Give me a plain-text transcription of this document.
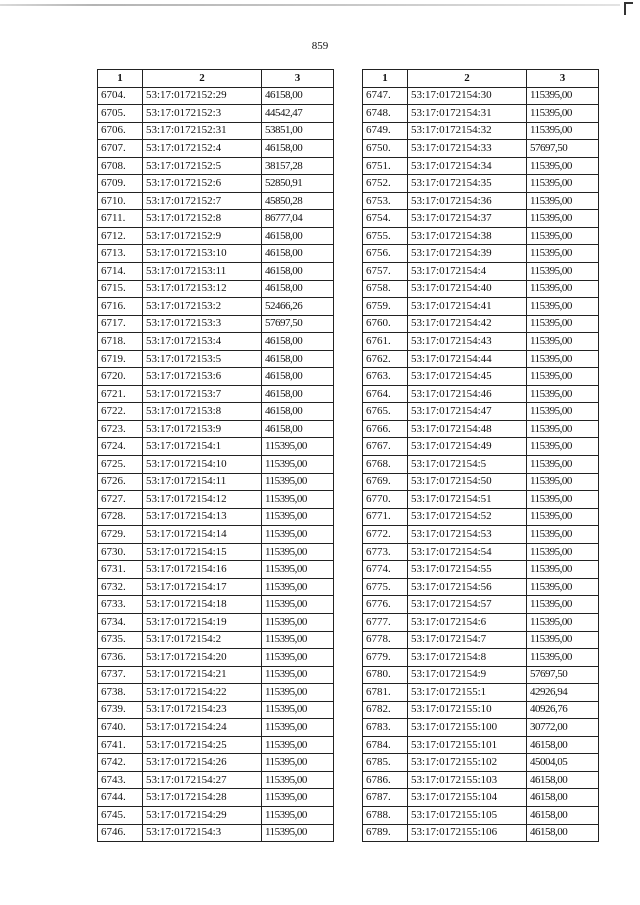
859
1	2	3
6704.	53:17:0172152:29	46158,00
6705.	53:17:0172152:3	44542,47
6706.	53:17:0172152:31	53851,00
6707.	53:17:0172152:4	46158,00
6708.	53:17:0172152:5	38157,28
6709.	53:17:0172152:6	52850,91
6710.	53:17:0172152:7	45850,28
6711.	53:17:0172152:8	86777,04
6712.	53:17:0172152:9	46158,00
6713.	53:17:0172153:10	46158,00
6714.	53:17:0172153:11	46158,00
6715.	53:17:0172153:12	46158,00
6716.	53:17:0172153:2	52466,26
6717.	53:17:0172153:3	57697,50
6718.	53:17:0172153:4	46158,00
6719.	53:17:0172153:5	46158,00
6720.	53:17:0172153:6	46158,00
6721.	53:17:0172153:7	46158,00
6722.	53:17:0172153:8	46158,00
6723.	53:17:0172153:9	46158,00
6724.	53:17:0172154:1	115395,00
6725.	53:17:0172154:10	115395,00
6726.	53:17:0172154:11	115395,00
6727.	53:17:0172154:12	115395,00
6728.	53:17:0172154:13	115395,00
6729.	53:17:0172154:14	115395,00
6730.	53:17:0172154:15	115395,00
6731.	53:17:0172154:16	115395,00
6732.	53:17:0172154:17	115395,00
6733.	53:17:0172154:18	115395,00
6734.	53:17:0172154:19	115395,00
6735.	53:17:0172154:2	115395,00
6736.	53:17:0172154:20	115395,00
6737.	53:17:0172154:21	115395,00
6738.	53:17:0172154:22	115395,00
6739.	53:17:0172154:23	115395,00
6740.	53:17:0172154:24	115395,00
6741.	53:17:0172154:25	115395,00
6742.	53:17:0172154:26	115395,00
6743.	53:17:0172154:27	115395,00
6744.	53:17:0172154:28	115395,00
6745.	53:17:0172154:29	115395,00
6746.	53:17:0172154:3	115395,00
1	2	3
6747.	53:17:0172154:30	115395,00
6748.	53:17:0172154:31	115395,00
6749.	53:17:0172154:32	115395,00
6750.	53:17:0172154:33	57697,50
6751.	53:17:0172154:34	115395,00
6752.	53:17:0172154:35	115395,00
6753.	53:17:0172154:36	115395,00
6754.	53:17:0172154:37	115395,00
6755.	53:17:0172154:38	115395,00
6756.	53:17:0172154:39	115395,00
6757.	53:17:0172154:4	115395,00
6758.	53:17:0172154:40	115395,00
6759.	53:17:0172154:41	115395,00
6760.	53:17:0172154:42	115395,00
6761.	53:17:0172154:43	115395,00
6762.	53:17:0172154:44	115395,00
6763.	53:17:0172154:45	115395,00
6764.	53:17:0172154:46	115395,00
6765.	53:17:0172154:47	115395,00
6766.	53:17:0172154:48	115395,00
6767.	53:17:0172154:49	115395,00
6768.	53:17:0172154:5	115395,00
6769.	53:17:0172154:50	115395,00
6770.	53:17:0172154:51	115395,00
6771.	53:17:0172154:52	115395,00
6772.	53:17:0172154:53	115395,00
6773.	53:17:0172154:54	115395,00
6774.	53:17:0172154:55	115395,00
6775.	53:17:0172154:56	115395,00
6776.	53:17:0172154:57	115395,00
6777.	53:17:0172154:6	115395,00
6778.	53:17:0172154:7	115395,00
6779.	53:17:0172154:8	115395,00
6780.	53:17:0172154:9	57697,50
6781.	53:17:0172155:1	42926,94
6782.	53:17:0172155:10	40926,76
6783.	53:17:0172155:100	30772,00
6784.	53:17:0172155:101	46158,00
6785.	53:17:0172155:102	45004,05
6786.	53:17:0172155:103	46158,00
6787.	53:17:0172155:104	46158,00
6788.	53:17:0172155:105	46158,00
6789.	53:17:0172155:106	46158,00
